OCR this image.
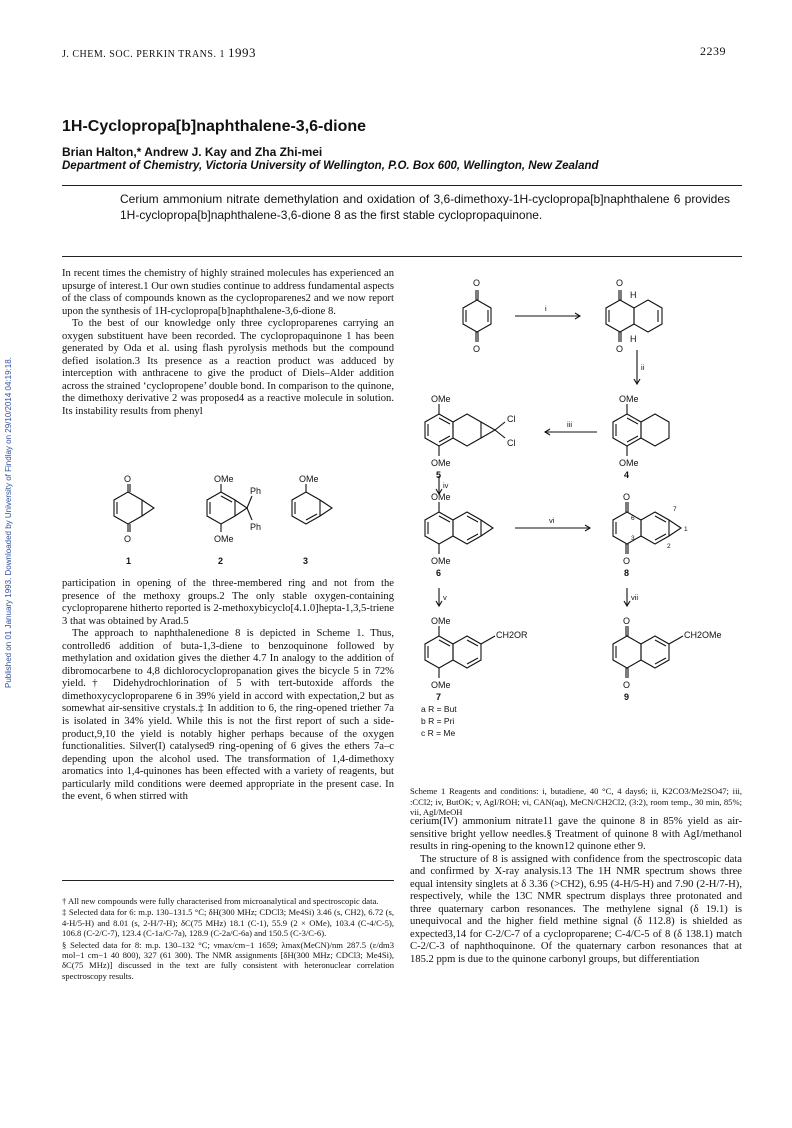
J. CHEM. SOC. PERKIN TRANS. 1 1993	2239
Published on 01 January 1993. Downloaded by University of Findlay on 29/10/2014 04:19:18.
1H-Cyclopropa[b]naphthalene-3,6-dione
Brian Halton,* Andrew J. Kay and Zha Zhi-mei
Department of Chemistry, Victoria University of Wellington, P.O. Box 600, Wellington, New Zealand
Cerium ammonium nitrate demethylation and oxidation of 3,6-dimethoxy-1H-cyclopropa[b]naphthalene 6 provides 1H-cyclopropa[b]naphthalene-3,6-dione 8 as the first stable cyclopropaquinone.

In recent times the chemistry of highly strained molecules has experienced an upsurge of interest.1 Our own studies continue to address fundamental aspects of the class of compounds known as the cycloproparenes2 and we now report upon the synthesis of 1H-cyclopropa[b]naphthalene-3,6-dione 8.

To the best of our knowledge only three cycloproparenes carrying an oxygen substituent have been recorded. The cyclopropaquinone 1 has been generated by Oda et al. using flash pyrolysis methods but the compound defied isolation.3 Its presence as a reaction product was adduced by interception with anthracene to give the product of Diels–Alder addition across the strained ‘cyclopropene’ double bond. In comparison to the quinone, the dimethoxy derivative 2 was proposed4 as a reactive molecule in solution. Its instability results from phenyl

O
O
OMe
Ph
Ph
OMe
OMe
1	2	3

participation in opening of the three-membered ring and not from the presence of the methoxy groups.2 The only stable oxygen-containing cycloproparene hitherto reported is 2-methoxybicyclo[4.1.0]hepta-1,3,5-triene 3 that was obtained by Arad.5

The approach to naphthalenedione 8 is depicted in Scheme 1. Thus, controlled6 addition of buta-1,3-diene to benzoquinone followed by methylation and oxidation gives the diether 4.7 In analogy to the addition of dibromocarbene to 4,8 dichlorocyclopropanation gives the bicycle 5 in 72% yield.† Didehydrochlorination of 5 with tert-butoxide affords the dimethoxycycloproparene 6 in 39% yield in accord with expectation,2 but as somewhat air-sensitive crystals.‡ In addition to 6, the ring-opened triether 7a is isolated in 34% yield. While this is not the first report of such a side-product,9,10 the yield is notably higher perhaps because of the oxygen functionalities. Silver(I) catalysed9 ring-opening of 6 gives the ethers 7a–c depending upon the alcohol used. The transformation of 1,4-dimethoxy aromatics into 1,4-quinones has been effected with a variety of reagents, but particularly mild conditions were deemed appropriate in the present case. In the event, 6 when stirred with

† All new compounds were fully characterised from microanalytical and spectroscopic data.

‡ Selected data for 6: m.p. 130–131.5 °C; δH(300 MHz; CDCl3; Me4Si) 3.46 (s, CH2), 6.72 (s, 4-H/5-H) and 8.01 (s, 2-H/7-H); δC(75 MHz) 18.1 (C-1), 55.9 (2 × OMe), 103.4 (C-4/C-5), 106.8 (C-2/C-7), 123.4 (C-1a/C-7a), 128.9 (C-2a/C-6a) and 150.5 (C-3/C-6).

§ Selected data for 8: m.p. 130–132 °C; νmax/cm−1 1659; λmax(MeCN)/nm 287.5 (ε/dm3 mol−1 cm−1 40 800), 327 (61 300). The NMR assignments [δH(300 MHz; CDCl3; Me4Si), δC(75 MHz)] discussed in the text are fully consistent with heteronuclear correlation spectroscopy results.

O
O
O
O
H
H
OMe
OMe
OMe
OMe
Cl
Cl
OMe
OMe
O
O
OMe
OMe
O
O
CH2OR	CH2OMe
5	4
6	8
7	9
i
ii
iii
iv
vi
v	vii
7
6
1
3
2
a R = But
b R = Pri
c R = Me
Scheme 1 Reagents and conditions: i, butadiene, 40 °C, 4 days6; ii, K2CO3/Me2SO47; iii, :CCl2; iv, ButOK; v, AgI/ROH; vi, CAN(aq), MeCN/CH2Cl2, (3:2), room temp., 30 min, 85%; vii, AgI/MeOH

cerium(IV) ammonium nitrate11 gave the quinone 8 in 85% yield as air-sensitive bright yellow needles.§ Treatment of quinone 8 with AgI/methanol results in ring-opening to the known12 quinone ether 9.

The structure of 8 is assigned with confidence from the spectroscopic data and confirmed by X-ray analysis.13 The 1H NMR spectrum shows three equal intensity singlets at δ 3.36 (>CH2), 6.95 (4-H/5-H) and 7.90 (2-H/7-H), respectively, while the 13C NMR spectrum displays three protonated and three quaternary carbon resonances. The methylene signal (δ 19.1) is unequivocal and the higher field methine signal (δ 112.8) is shielded as expected3,14 for C-2/C-7 of a cycloproparene; C-4/C-5 of 8 (δ 138.1) match C-2/C-3 of naphthoquinone. Of the quaternary carbon resonances that at 185.2 ppm is due to the quinone carbonyl groups, but differentiation
